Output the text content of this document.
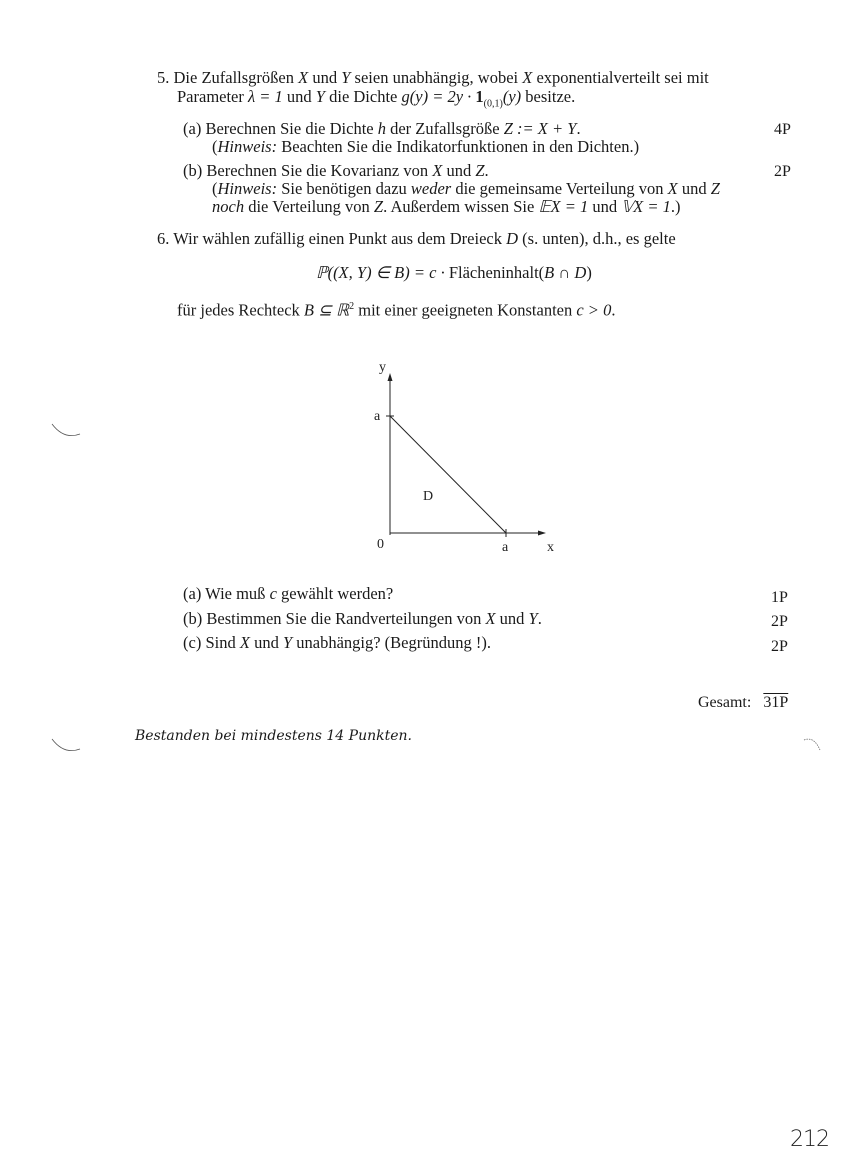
5. Die Zufallsgrößen X und Y seien unabhängig, wobei X exponentialverteilt sei mit
Parameter λ = 1 und Y die Dichte $g(y) = 2y \cdot 1_{(0,1)}(y)$ besitze.
(a) Berechnen Sie die Dichte h der Zufallsgröße Z := X + Y.
(Hinweis: Beachten Sie die Indikatorfunktionen in den Dichten.)
4P
(b) Berechnen Sie die Kovarianz von X und Z.
(Hinweis: Sie benötigen dazu weder die gemeinsame Verteilung von X und Z
noch die Verteilung von Z. Außerdem wissen Sie 𝔼X = 1 und 𝕍X = 1.)
2P
6. Wir wählen zufällig einen Punkt aus dem Dreieck D (s. unten), d.h., es gelte
ℙ((X, Y) ∈ B) = c · Flächeninhalt(B ∩ D)
für jedes Rechteck B ⊆ ℝ$^2$ mit einer geeigneten Konstanten c > 0.
y
a
0	a	x
D
(a) Wie muß c gewählt werden?	1P
(b) Bestimmen Sie die Randverteilungen von X und Y.	2P
(c) Sind X und Y unabhängig? (Begründung !).	2P
Gesamt: 31P
Bestanden bei mindestens 14 Punkten.
212
